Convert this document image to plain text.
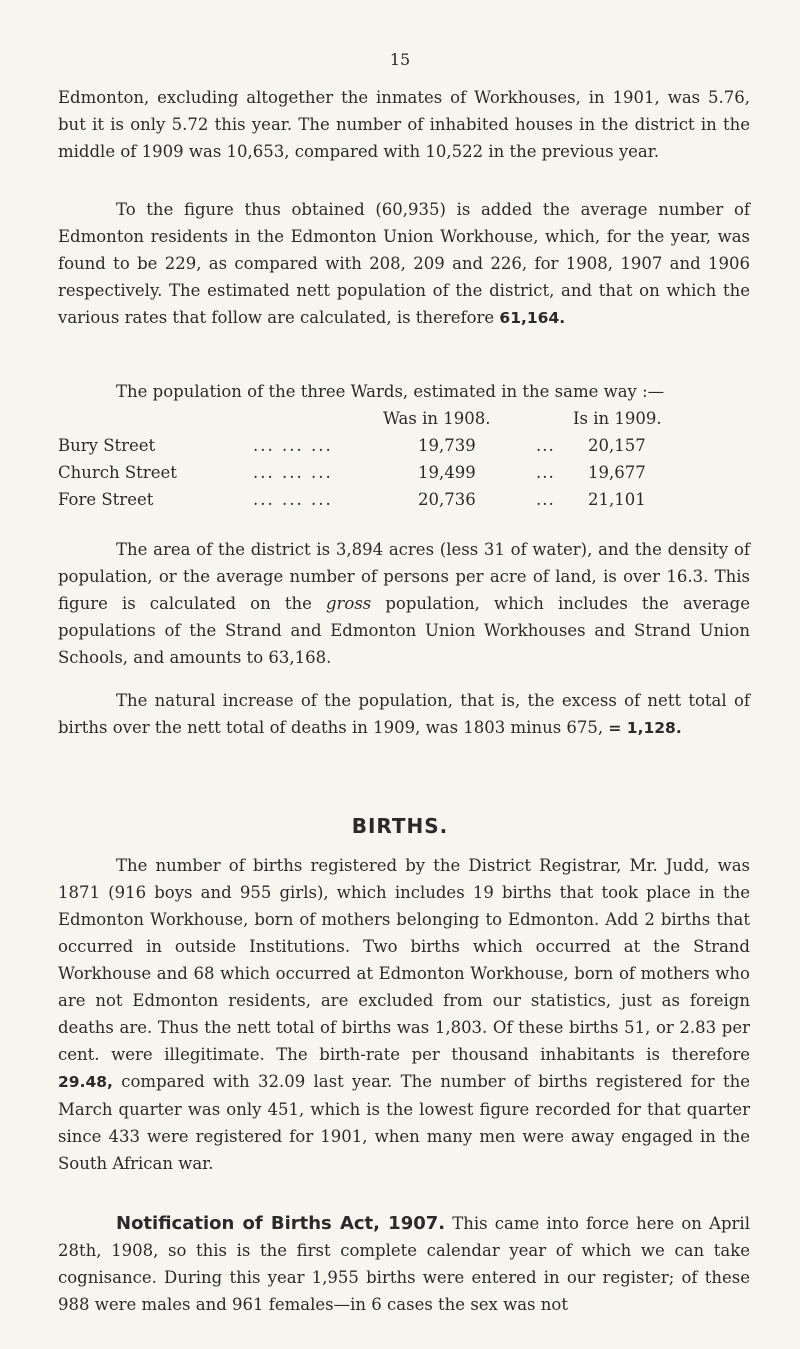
15
Edmonton, excluding altogether the inmates of Workhouses, in 1901, was 5.76, but it is only 5.72 this year. The number of inhabited houses in the district in the middle of 1909 was 10,653, compared with 10,522 in the previous year.
To the figure thus obtained (60,935) is added the average number of Edmonton residents in the Edmonton Union Workhouse, which, for the year, was found to be 229, as compared with 208, 209 and 226, for 1908, 1907 and 1906 respectively. The estimated nett population of the district, and that on which the various rates that follow are calculated, is therefore 61,164.
The population of the three Wards, estimated in the same way :—
Was in 1908.	Is in 1909.
Bury Street	... ... ...	19,739	... 20,157
Church Street	... ... ...	19,499	... 19,677
Fore Street	... ... ...	20,736	... 21,101
The area of the district is 3,894 acres (less 31 of water), and the density of population, or the average number of persons per acre of land, is over 16.3. This figure is calculated on the gross population, which includes the average populations of the Strand and Edmonton Union Workhouses and Strand Union Schools, and amounts to 63,168.
The natural increase of the population, that is, the excess of nett total of births over the nett total of deaths in 1909, was 1803 minus 675, = 1,128.
BIRTHS.
The number of births registered by the District Registrar, Mr. Judd, was 1871 (916 boys and 955 girls), which includes 19 births that took place in the Edmonton Workhouse, born of mothers belonging to Edmonton. Add 2 births that occurred in outside Institutions. Two births which occurred at the Strand Workhouse and 68 which occurred at Edmonton Workhouse, born of mothers who are not Edmonton residents, are excluded from our statistics, just as foreign deaths are. Thus the nett total of births was 1,803. Of these births 51, or 2.83 per cent. were illegitimate. The birth-rate per thousand inhabitants is therefore 29.48, compared with 32.09 last year. The number of births registered for the March quarter was only 451, which is the lowest figure recorded for that quarter since 433 were registered for 1901, when many men were away engaged in the South African war.
Notification of Births Act, 1907. This came into force here on April 28th, 1908, so this is the first complete calendar year of which we can take cognisance. During this year 1,955 births were entered in our register; of these 988 were males and 961 females—in 6 cases the sex was not
